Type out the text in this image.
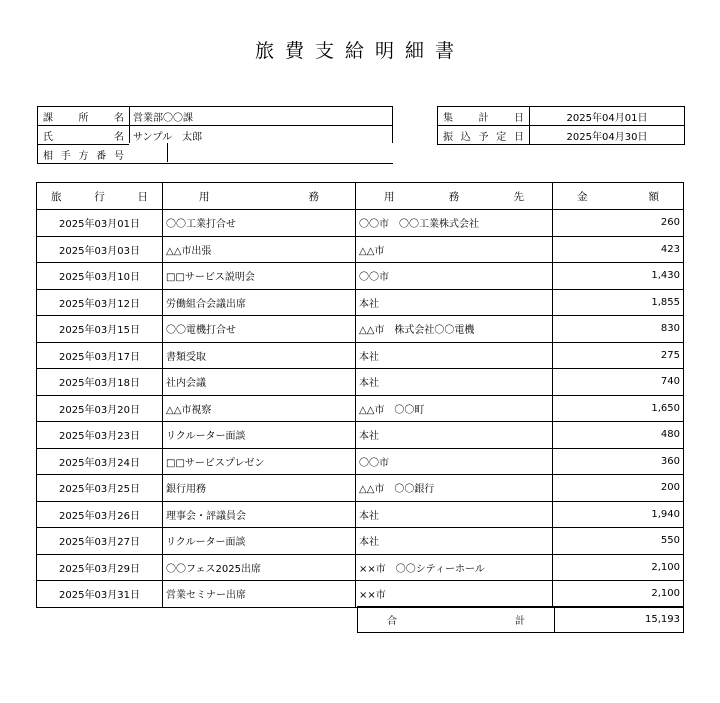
旅費支給明細書
課所名	営業部〇〇課
氏名	サンプル　太郎
相手方番号	
集計日	2025年04月01日
振込予定日	2025年04月30日
旅 行 日	用 務	用 務 先	金 額

2025年03月01日	〇〇工業打合せ	〇〇市　〇〇工業株式会社	260
2025年03月03日	△△市出張	△△市	423
2025年03月10日	□□サービス説明会	〇〇市	1,430
2025年03月12日	労働組合会議出席	本社	1,855
2025年03月15日	〇〇電機打合せ	△△市　株式会社〇〇電機	830
2025年03月17日	書類受取	本社	275
2025年03月18日	社内会議	本社	740
2025年03月20日	△△市視察	△△市　〇〇町	1,650
2025年03月23日	リクルーター面談	本社	480
2025年03月24日	□□サービスプレゼン	〇〇市	360
2025年03月25日	銀行用務	△△市　〇〇銀行	200
2025年03月26日	理事会・評議員会	本社	1,940
2025年03月27日	リクルーター面談	本社	550
2025年03月29日	〇〇フェス2025出席	××市　〇〇シティーホール	2,100
2025年03月31日	営業セミナー出席	××市	2,100
合	計	15,193
